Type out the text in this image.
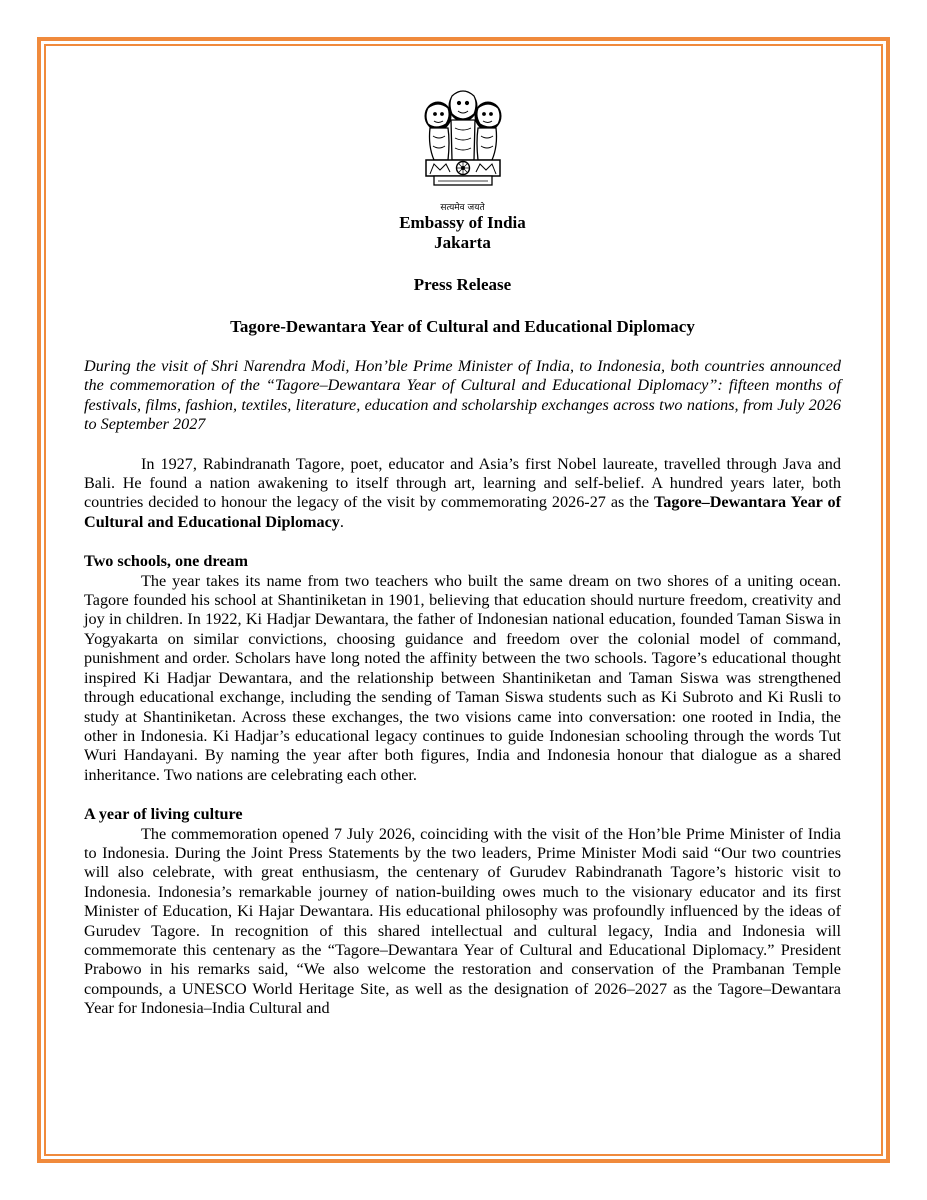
सत्यमेव जयते
Embassy of India
Jakarta
Press Release
Tagore-Dewantara Year of Cultural and Educational Diplomacy
During the visit of Shri Narendra Modi, Hon’ble Prime Minister of India, to Indonesia, both countries announced the commemoration of the “Tagore–Dewantara Year of Cultural and Educational Diplomacy”: fifteen months of festivals, films, fashion, textiles, literature, education and scholarship exchanges across two nations, from July 2026 to September 2027

In 1927, Rabindranath Tagore, poet, educator and Asia’s first Nobel laureate, travelled through Java and Bali. He found a nation awakening to itself through art, learning and self-belief. A hundred years later, both countries decided to honour the legacy of the visit by commemorating 2026-27 as the Tagore–Dewantara Year of Cultural and Educational Diplomacy.

Two schools, one dream

The year takes its name from two teachers who built the same dream on two shores of a uniting ocean. Tagore founded his school at Shantiniketan in 1901, believing that education should nurture freedom, creativity and joy in children. In 1922, Ki Hadjar Dewantara, the father of Indonesian national education, founded Taman Siswa in Yogyakarta on similar convictions, choosing guidance and freedom over the colonial model of command, punishment and order. Scholars have long noted the affinity between the two schools. Tagore’s educational thought inspired Ki Hadjar Dewantara, and the relationship between Shantiniketan and Taman Siswa was strengthened through educational exchange, including the sending of Taman Siswa students such as Ki Subroto and Ki Rusli to study at Shantiniketan. Across these exchanges, the two visions came into conversation: one rooted in India, the other in Indonesia. Ki Hadjar’s educational legacy continues to guide Indonesian schooling through the words Tut Wuri Handayani. By naming the year after both figures, India and Indonesia honour that dialogue as a shared inheritance. Two nations are celebrating each other.

A year of living culture

The commemoration opened 7 July 2026, coinciding with the visit of the Hon’ble Prime Minister of India to Indonesia. During the Joint Press Statements by the two leaders, Prime Minister Modi said “Our two countries will also celebrate, with great enthusiasm, the centenary of Gurudev Rabindranath Tagore’s historic visit to Indonesia. Indonesia’s remarkable journey of nation-building owes much to the visionary educator and its first Minister of Education, Ki Hajar Dewantara. His educational philosophy was profoundly influenced by the ideas of Gurudev Tagore. In recognition of this shared intellectual and cultural legacy, India and Indonesia will commemorate this centenary as the “Tagore–Dewantara Year of Cultural and Educational Diplomacy.” President Prabowo in his remarks said, “We also welcome the restoration and conservation of the Prambanan Temple compounds, a UNESCO World Heritage Site, as well as the designation of 2026–2027 as the Tagore–Dewantara Year for Indonesia–India Cultural and
